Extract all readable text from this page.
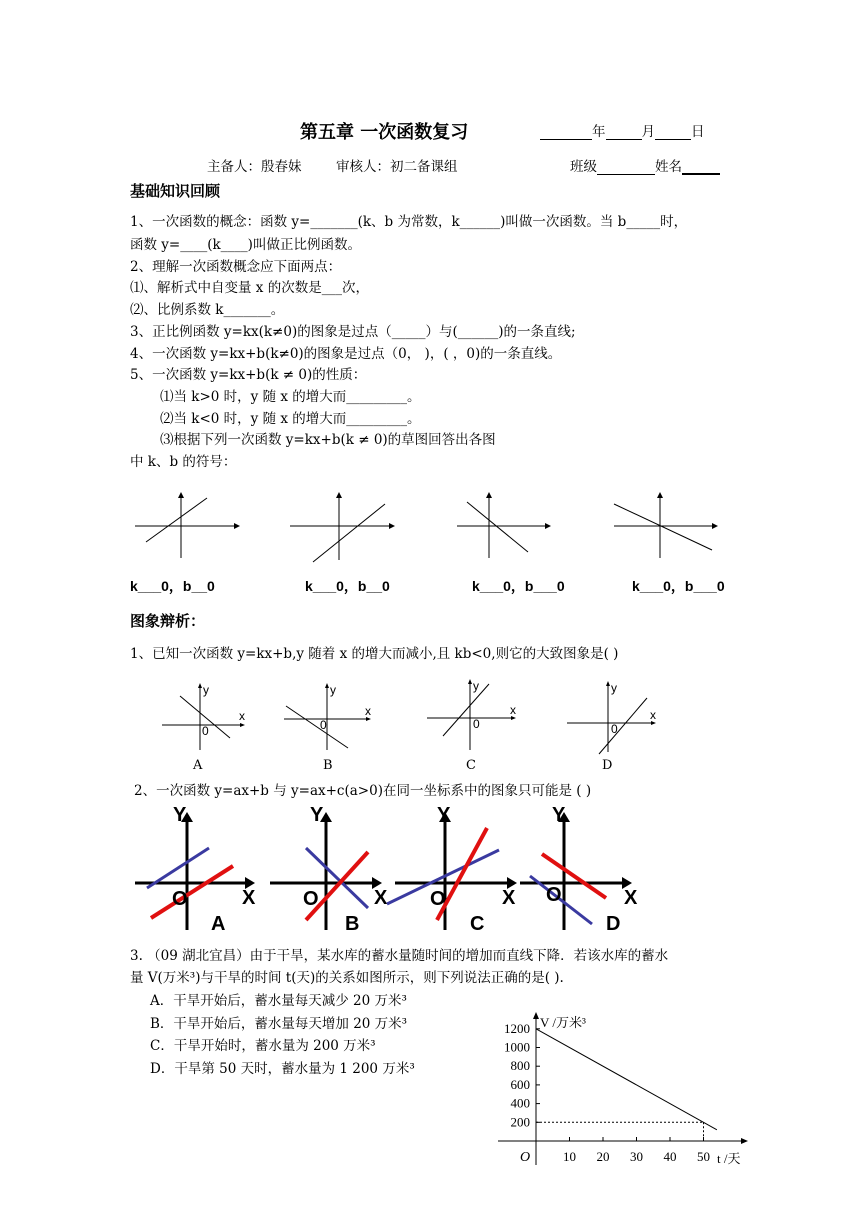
第五章 一次函数复习	年	月	日
主备人：殷春妹	审核人：初二备课组	班级	姓名
基础知识回顾
1、一次函数的概念：函数 y=_______(k、b 为常数，k______)叫做一次函数。当 b_____时，
函数 y=____(k____)叫做正比例函数。
2、理解一次函数概念应下面两点：
⑴、解析式中自变量 x 的次数是___次，
⑵、比例系数 k_______。
3、正比例函数 y=kx(k≠0)的图象是过点（_____）与(______)的一条直线;
4、一次函数 y=kx+b(k≠0)的图象是过点（0， )，( ，0)的一条直线。
5、一次函数 y=kx+b(k ≠ 0)的性质：
⑴当 k>0 时，y 随 x 的增大而_________。
⑵当 k<0 时，y 随 x 的增大而_________。
⑶根据下列一次函数 y=kx+b(k ≠ 0)的草图回答出各图
中 k、b 的符号：
k___0，b__0	k___0，b__0	k___0，b___0	k___0，b___0
图象辩析：
1、已知一次函数 y=kx+b,y 随着 x 的增大而减小,且 kb<0,则它的大致图象是( )
y
x
0
y
x
0
y
x
0
y
x
0
A	B	C	D
2、一次函数 y=ax+b 与 y=ax+c(a>0)在同一坐标系中的图象只可能是 ( )
Y
X
O
A
Y
X
O
B
Y
X
O
C
Y
X
O
D
3. （09 湖北宜昌）由于干旱，某水库的蓄水量随时间的增加而直线下降．若该水库的蓄水
量 V(万米³)与干旱的时间 t(天)的关系如图所示，则下列说法正确的是( ).
A．干旱开始后，蓄水量每天减少 20 万米³
B．干旱开始后，蓄水量每天增加 20 万米³
C．干旱开始时，蓄水量为 200 万米³
D．干旱第 50 天时，蓄水量为 1 200 万米³
200
400
600
800
1000
1200
10 20 30 40 50
O
V /万米³
t /天
